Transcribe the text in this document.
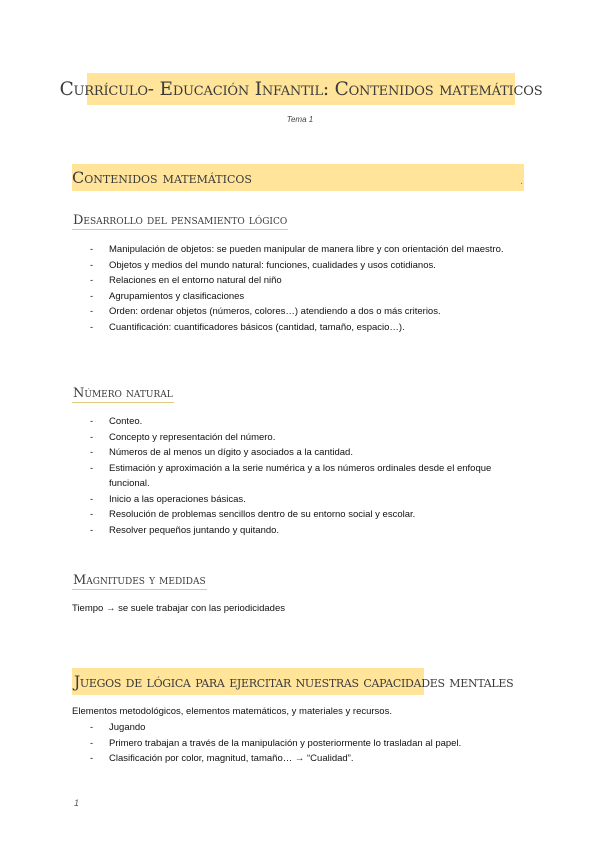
Currículo- Educación Infantil: Contenidos matemáticos
Tema 1
Contenidos matemáticos	.
Desarrollo del pensamiento lógico
- Manipulación de objetos: se pueden manipular de manera libre y con orientación del maestro.
- Objetos y medios del mundo natural: funciones, cualidades y usos cotidianos.
- Relaciones en el entorno natural del niño
- Agrupamientos y clasificaciones
- Orden: ordenar objetos (números, colores…) atendiendo a dos o más criterios.
- Cuantificación: cuantificadores básicos (cantidad, tamaño, espacio…).
Número natural
- Conteo.
- Concepto y representación del número.
- Números de al menos un dígito y asociados a la cantidad.
- Estimación y aproximación a la serie numérica y a los números ordinales desde el enfoque funcional.
- Inicio a las operaciones básicas.
- Resolución de problemas sencillos dentro de su entorno social y escolar.
- Resolver pequeños juntando y quitando.
Magnitudes y medidas
Tiempo → se suele trabajar con las periodicidades
Juegos de lógica para ejercitar nuestras capacidades mentales
Elementos metodológicos, elementos matemáticos, y materiales y recursos.
- Jugando
- Primero trabajan a través de la manipulación y posteriormente lo trasladan al papel.
- Clasificación por color, magnitud, tamaño… → “Cualidad”.
1
